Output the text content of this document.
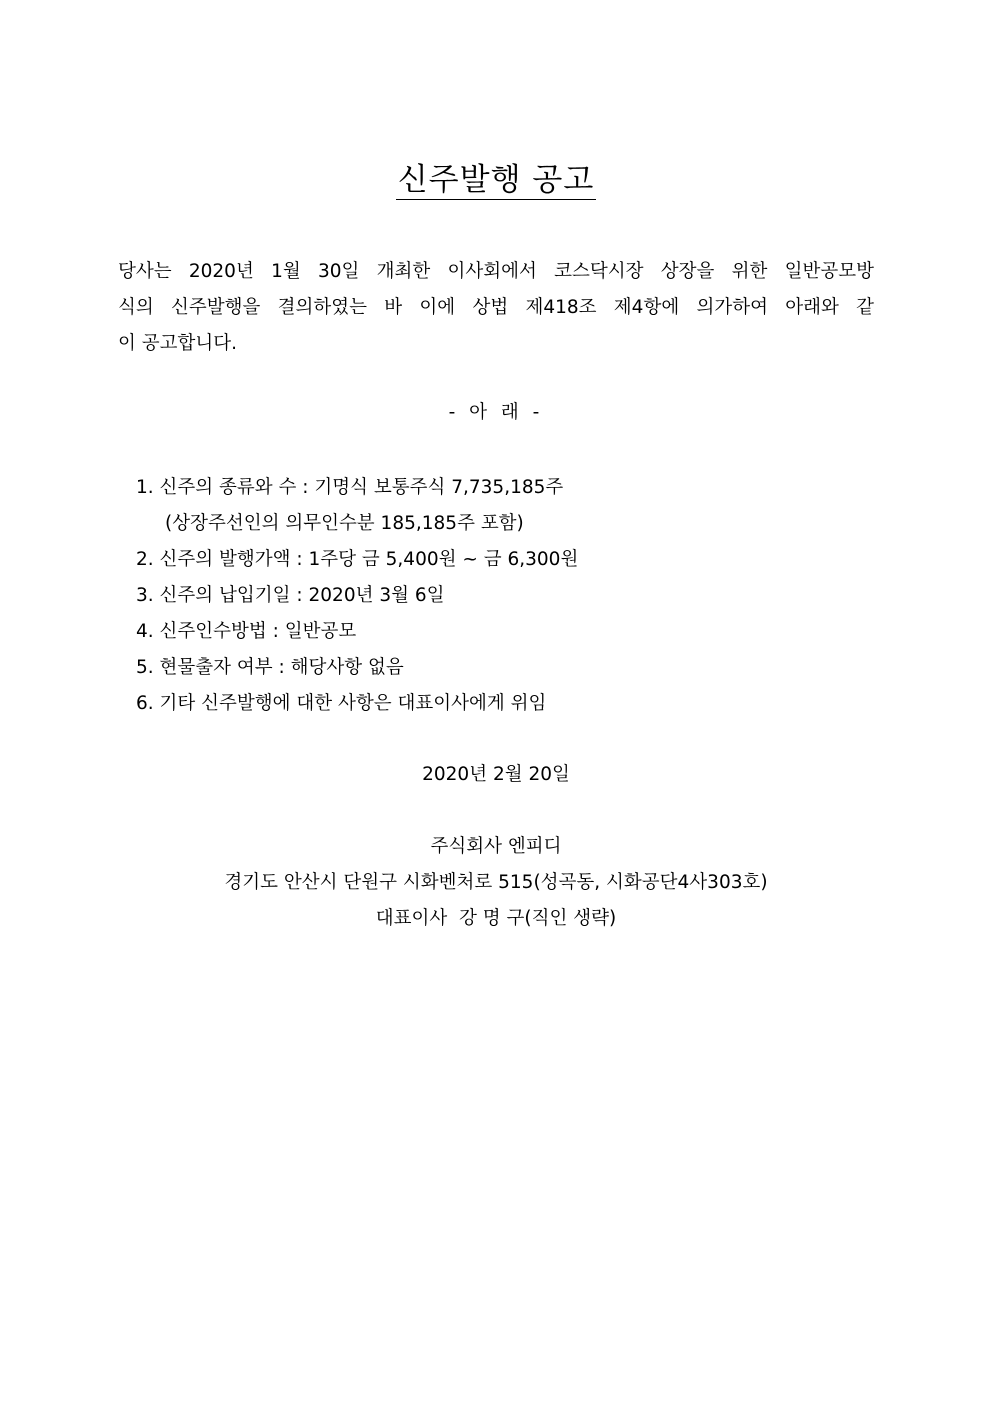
신주발행 공고
당사는 2020년 1월 30일 개최한 이사회에서 코스닥시장 상장을 위한 일반공모방
식의 신주발행을 결의하였는 바 이에 상법 제418조 제4항에 의가하여 아래와 같
이 공고합니다.
- 아 래 -
1. 신주의 종류와 수 : 기명식 보통주식 7,735,185주
(상장주선인의 의무인수분 185,185주 포함)
2. 신주의 발행가액 : 1주당 금 5,400원 ~ 금 6,300원
3. 신주의 납입기일 : 2020년 3월 6일
4. 신주인수방법 : 일반공모
5. 현물출자 여부 : 해당사항 없음
6. 기타 신주발행에 대한 사항은 대표이사에게 위임
2020년 2월 20일
주식회사 엔피디
경기도 안산시 단원구 시화벤처로 515(성곡동, 시화공단4사303호)
대표이사  강 명 구(직인 생략)
